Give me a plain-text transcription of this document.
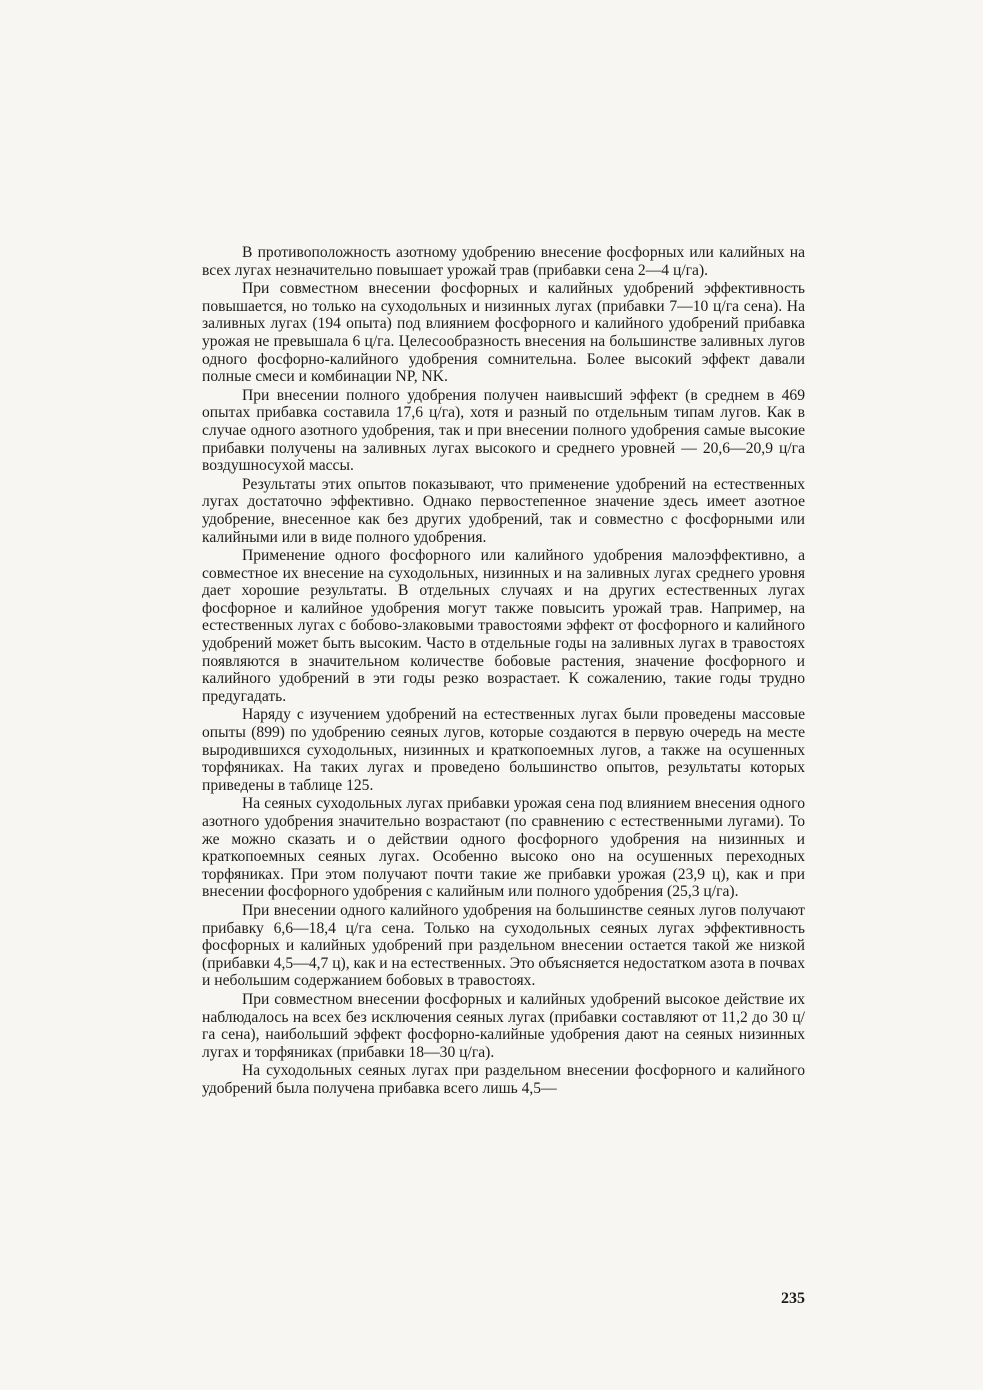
В противоположность азотному удобрению внесение фосфорных или калийных на всех лугах незначительно повышает урожай трав (прибавки сена 2—4 ц/га).

При совместном внесении фосфорных и калийных удобрений эффективность повышается, но только на суходольных и низинных лугах (прибавки 7—10 ц/га сена). На заливных лугах (194 опыта) под влиянием фосфорного и калийного удобрений прибавка урожая не превышала 6 ц/га. Целесообразность внесения на большинстве заливных лугов одного фосфорно-калийного удобрения сомнительна. Более высокий эффект давали полные смеси и комбинации NP, NK.

При внесении полного удобрения получен наивысший эффект (в среднем в 469 опытах прибавка составила 17,6 ц/га), хотя и разный по отдельным типам лугов. Как в случае одного азотного удобрения, так и при внесении полного удобрения самые высокие прибавки получены на заливных лугах высокого и среднего уровней — 20,6—20,9 ц/га воздушносухой массы.

Результаты этих опытов показывают, что применение удобрений на естественных лугах достаточно эффективно. Однако первостепенное значение здесь имеет азотное удобрение, внесенное как без других удобрений, так и совместно с фосфорными или калийными или в виде полного удобрения.

Применение одного фосфорного или калийного удобрения малоэффективно, а совместное их внесение на суходольных, низинных и на заливных лугах среднего уровня дает хорошие результаты. В отдельных случаях и на других естественных лугах фосфорное и калийное удобрения могут также повысить урожай трав. Например, на естественных лугах с бобово-злаковыми травостоями эффект от фосфорного и калийного удобрений может быть высоким. Часто в отдельные годы на заливных лугах в травостоях появляются в значительном количестве бобовые растения, значение фосфорного и калийного удобрений в эти годы резко возрастает. К сожалению, такие годы трудно предугадать.

Наряду с изучением удобрений на естественных лугах были проведены массовые опыты (899) по удобрению сеяных лугов, которые создаются в первую очередь на месте выродившихся суходольных, низинных и краткопоемных лугов, а также на осушенных торфяниках. На таких лугах и проведено большинство опытов, результаты которых приведены в таблице 125.

На сеяных суходольных лугах прибавки урожая сена под влиянием внесения одного азотного удобрения значительно возрастают (по сравнению с естественными лугами). То же можно сказать и о действии одного фосфорного удобрения на низинных и краткопоемных сеяных лугах. Особенно высоко оно на осушенных переходных торфяниках. При этом получают почти такие же прибавки урожая (23,9 ц), как и при внесении фосфорного удобрения с калийным или полного удобрения (25,3 ц/га).

При внесении одного калийного удобрения на большинстве сеяных лугов получают прибавку 6,6—18,4 ц/га сена. Только на суходольных сеяных лугах эффективность фосфорных и калийных удобрений при раздельном внесении остается такой же низкой (прибавки 4,5—4,7 ц), как и на естественных. Это объясняется недостатком азота в почвах и небольшим содержанием бобовых в травостоях.

При совместном внесении фосфорных и калийных удобрений высокое действие их наблюдалось на всех без исключения сеяных лугах (прибавки составляют от 11,2 до 30 ц/га сена), наибольший эффект фосфорно-калийные удобрения дают на сеяных низинных лугах и торфяниках (прибавки 18—30 ц/га).

На суходольных сеяных лугах при раздельном внесении фосфорного и калийного удобрений была получена прибавка всего лишь 4,5—

235
